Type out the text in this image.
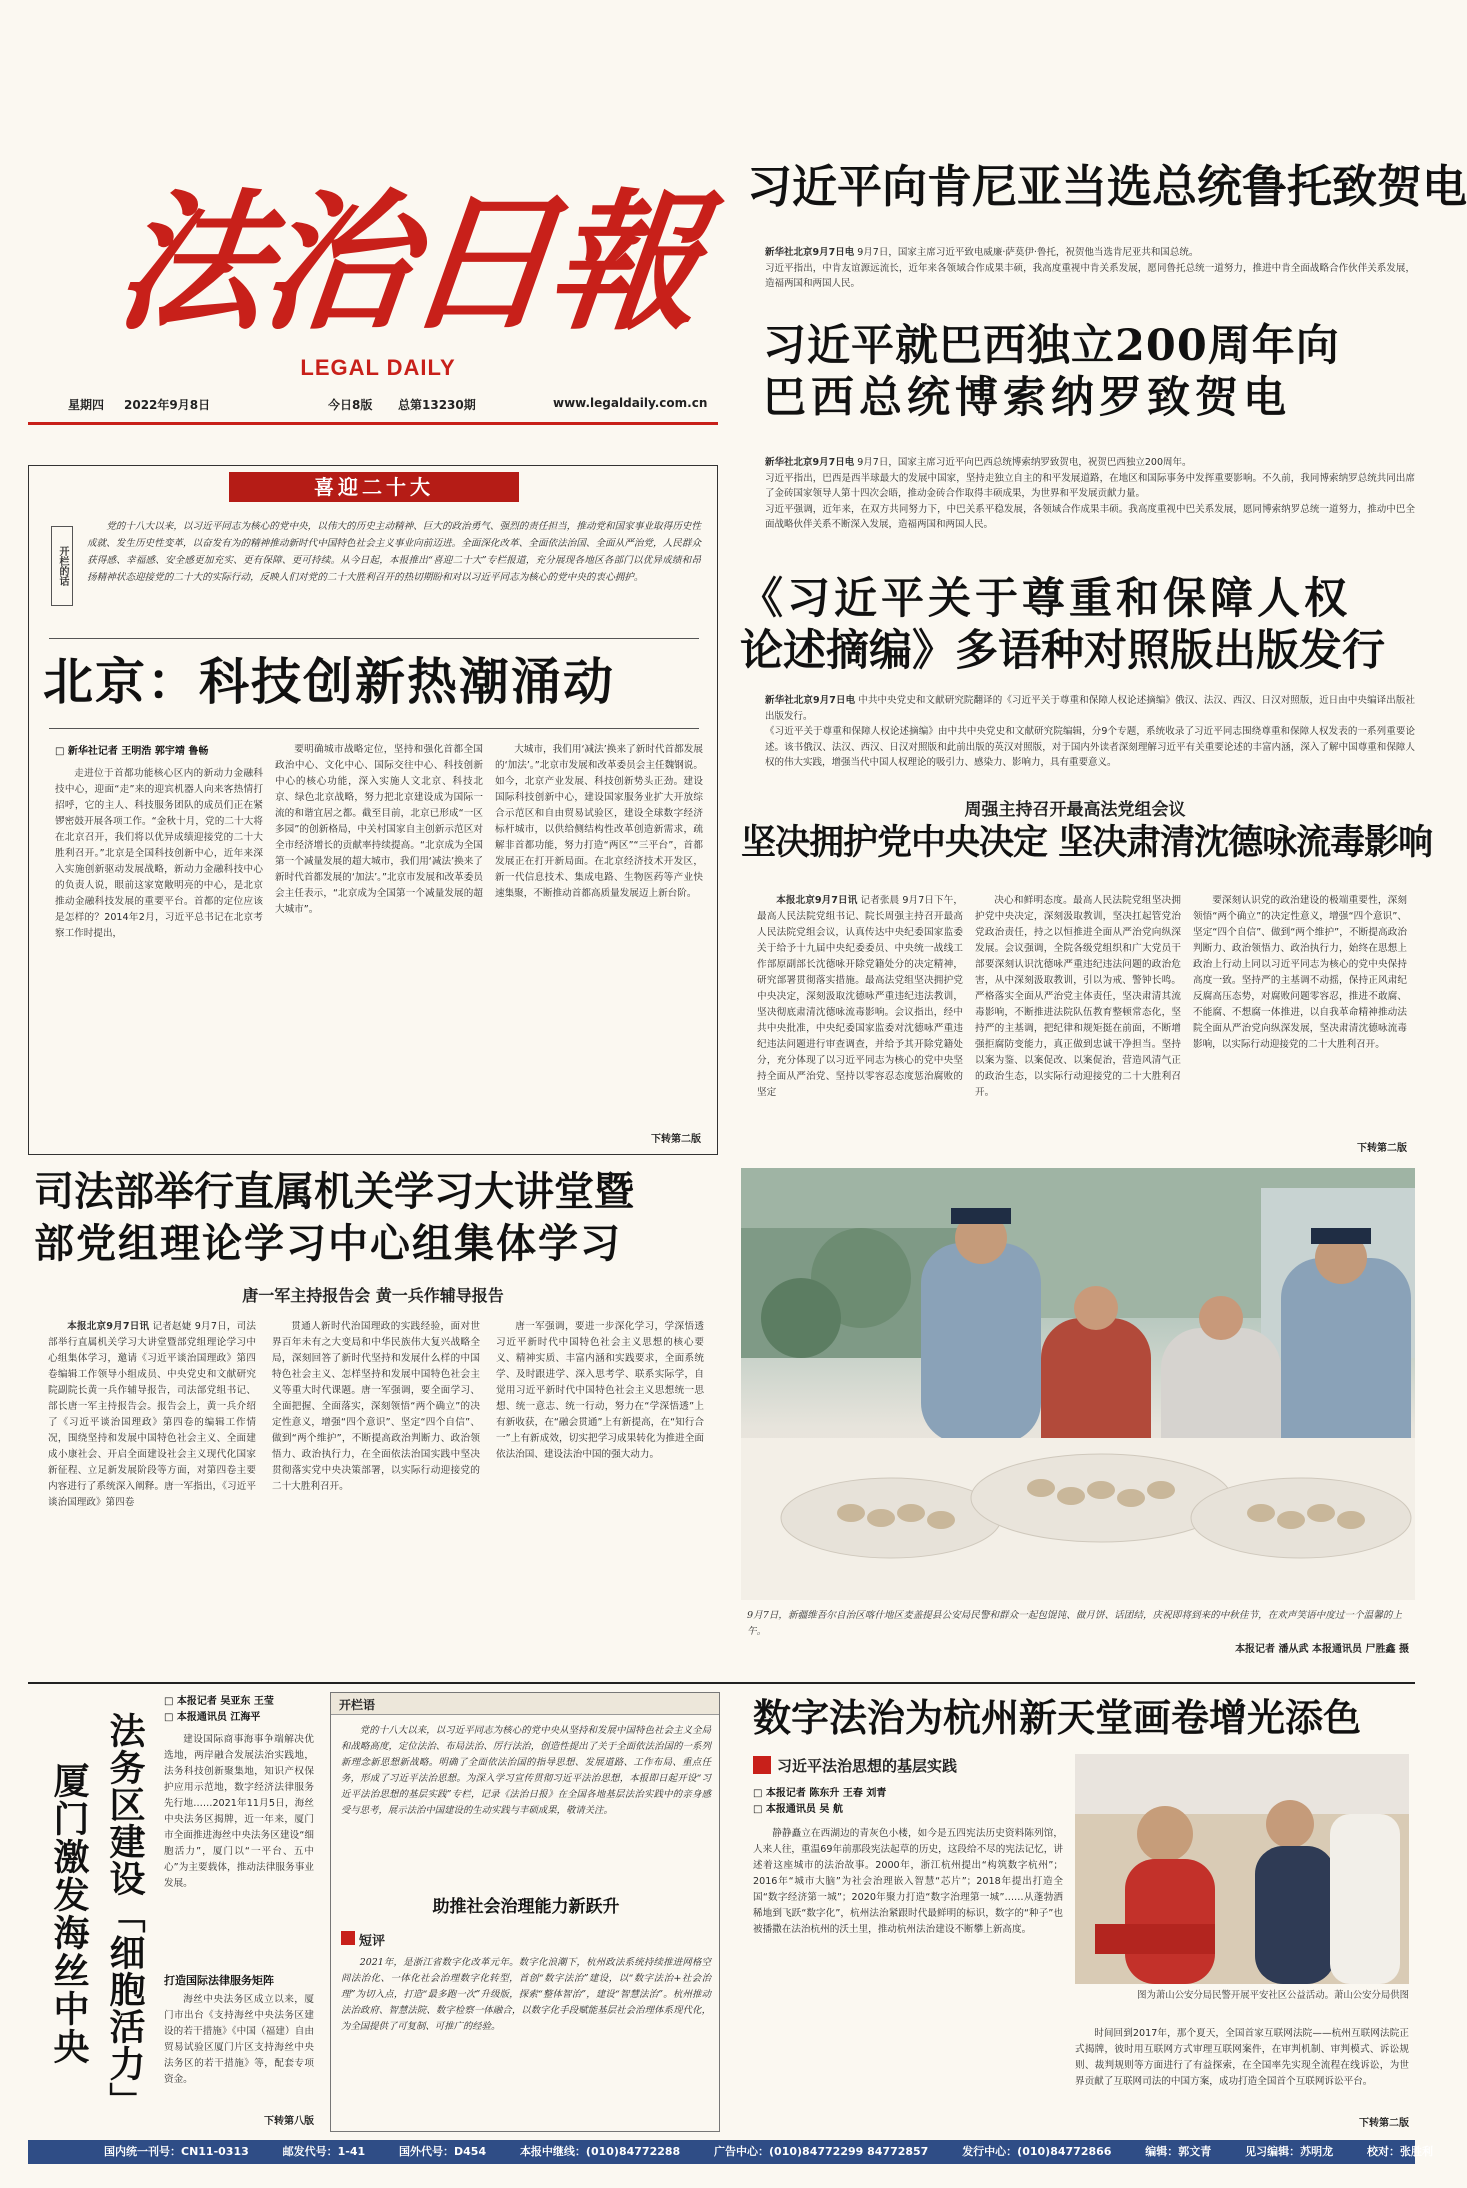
法治日報
LEGAL DAILY
星期四 2022年9月8日	今日8版 总第13230期	www.legaldaily.com.cn
习近平向肯尼亚当选总统鲁托致贺电
新华社北京9月7日电 9月7日，国家主席习近平致电威廉·萨莫伊·鲁托，祝贺他当选肯尼亚共和国总统。
习近平指出，中肯友谊源远流长，近年来各领域合作成果丰硕，我高度重视中肯关系发展，愿同鲁托总统一道努力，推进中肯全面战略合作伙伴关系发展，造福两国和两国人民。
习近平就巴西独立200周年向
巴西总统博索纳罗致贺电
新华社北京9月7日电 9月7日，国家主席习近平向巴西总统博索纳罗致贺电，祝贺巴西独立200周年。
习近平指出，巴西是西半球最大的发展中国家，坚持走独立自主的和平发展道路，在地区和国际事务中发挥重要影响。不久前，我同博索纳罗总统共同出席了金砖国家领导人第十四次会晤，推动金砖合作取得丰硕成果，为世界和平发展贡献力量。
习近平强调，近年来，在双方共同努力下，中巴关系平稳发展，各领域合作成果丰硕。我高度重视中巴关系发展，愿同博索纳罗总统一道努力，推动中巴全面战略伙伴关系不断深入发展，造福两国和两国人民。
《习近平关于尊重和保障人权
论述摘编》多语种对照版出版发行
新华社北京9月7日电 中共中央党史和文献研究院翻译的《习近平关于尊重和保障人权论述摘编》俄汉、法汉、西汉、日汉对照版，近日由中央编译出版社出版发行。
《习近平关于尊重和保障人权论述摘编》由中共中央党史和文献研究院编辑，分9个专题，系统收录了习近平同志围绕尊重和保障人权发表的一系列重要论述。该书俄汉、法汉、西汉、日汉对照版和此前出版的英汉对照版，对于国内外读者深刻理解习近平有关重要论述的丰富内涵，深入了解中国尊重和保障人权的伟大实践，增强当代中国人权理论的吸引力、感染力、影响力，具有重要意义。
周强主持召开最高法党组会议
坚决拥护党中央决定 坚决肃清沈德咏流毒影响

本报北京9月7日讯 记者张晨 9月7日下午，最高人民法院党组书记、院长周强主持召开最高人民法院党组会议，认真传达中央纪委国家监委关于给予十九届中央纪委委员、中央统一战线工作部原副部长沈德咏开除党籍处分的决定精神，研究部署贯彻落实措施。最高法党组坚决拥护党中央决定，深刻汲取沈德咏严重违纪违法教训，坚决彻底肃清沈德咏流毒影响。会议指出，经中共中央批准，中央纪委国家监委对沈德咏严重违纪违法问题进行审查调查，并给予其开除党籍处分，充分体现了以习近平同志为核心的党中央坚持全面从严治党、坚持以零容忍态度惩治腐败的坚定

决心和鲜明态度。最高人民法院党组坚决拥护党中央决定，深刻汲取教训，坚决扛起管党治党政治责任，持之以恒推进全面从严治党向纵深发展。会议强调，全院各级党组织和广大党员干部要深刻认识沈德咏严重违纪违法问题的政治危害，从中深刻汲取教训，引以为戒、警钟长鸣。严格落实全面从严治党主体责任，坚决肃清其流毒影响，不断推进法院队伍教育整顿常态化，坚持严的主基调，把纪律和规矩挺在前面，不断增强拒腐防变能力，真正做到忠诚干净担当。坚持以案为鉴、以案促改、以案促治，营造风清气正的政治生态，以实际行动迎接党的二十大胜利召开。

要深刻认识党的政治建设的极端重要性，深刻领悟“两个确立”的决定性意义，增强“四个意识”、坚定“四个自信”、做到“两个维护”，不断提高政治判断力、政治领悟力、政治执行力，始终在思想上政治上行动上同以习近平同志为核心的党中央保持高度一致。坚持严的主基调不动摇，保持正风肃纪反腐高压态势，对腐败问题零容忍，推进不敢腐、不能腐、不想腐一体推进，以自我革命精神推动法院全面从严治党向纵深发展，坚决肃清沈德咏流毒影响，以实际行动迎接党的二十大胜利召开。

下转第二版
喜迎二十大
开栏的话
党的十八大以来，以习近平同志为核心的党中央，以伟大的历史主动精神、巨大的政治勇气、强烈的责任担当，推动党和国家事业取得历史性成就、发生历史性变革，以奋发有为的精神推动新时代中国特色社会主义事业向前迈进。全面深化改革、全面依法治国、全面从严治党，人民群众获得感、幸福感、安全感更加充实、更有保障、更可持续。从今日起，本报推出“喜迎二十大”专栏报道，充分展现各地区各部门以优异成绩和昂扬精神状态迎接党的二十大的实际行动，反映人们对党的二十大胜利召开的热切期盼和对以习近平同志为核心的党中央的衷心拥护。
北京：科技创新热潮涌动
□ 新华社记者 王明浩 郭宇靖 鲁畅

走进位于首都功能核心区内的新动力金融科技中心，迎面“走”来的迎宾机器人向来客热情打招呼，它的主人、科技服务团队的成员们正在紧锣密鼓开展各项工作。“金秋十月，党的二十大将在北京召开，我们将以优异成绩迎接党的二十大胜利召开。”北京是全国科技创新中心，近年来深入实施创新驱动发展战略，新动力金融科技中心的负责人说，眼前这家宽敞明亮的中心，是北京推动金融科技发展的重要平台。首都的定位应该是怎样的？2014年2月，习近平总书记在北京考察工作时提出，

要明确城市战略定位，坚持和强化首都全国政治中心、文化中心、国际交往中心、科技创新中心的核心功能，深入实施人文北京、科技北京、绿色北京战略，努力把北京建设成为国际一流的和谐宜居之都。截至目前，北京已形成“一区多园”的创新格局，中关村国家自主创新示范区对全市经济增长的贡献率持续提高。“北京成为全国第一个减量发展的超大城市，我们用‘减法’换来了新时代首都发展的‘加法’。”北京市发展和改革委员会主任表示，“北京成为全国第一个减量发展的超大城市”。

大城市，我们用‘减法’换来了新时代首都发展的‘加法’。”北京市发展和改革委员会主任魏钢说。如今，北京产业发展、科技创新势头正劲。建设国际科技创新中心，建设国家服务业扩大开放综合示范区和自由贸易试验区，建设全球数字经济标杆城市，以供给侧结构性改革创造新需求，疏解非首都功能，努力打造“两区”“三平台”，首都发展正在打开新局面。在北京经济技术开发区，新一代信息技术、集成电路、生物医药等产业快速集聚，不断推动首都高质量发展迈上新台阶。

下转第二版
司法部举行直属机关学习大讲堂暨
部党组理论学习中心组集体学习
唐一军主持报告会 黄一兵作辅导报告

本报北京9月7日讯 记者赵婕 9月7日，司法部举行直属机关学习大讲堂暨部党组理论学习中心组集体学习，邀请《习近平谈治国理政》第四卷编辑工作领导小组成员、中央党史和文献研究院副院长黄一兵作辅导报告，司法部党组书记、部长唐一军主持报告会。报告会上，黄一兵介绍了《习近平谈治国理政》第四卷的编辑工作情况，围绕坚持和发展中国特色社会主义、全面建成小康社会、开启全面建设社会主义现代化国家新征程、立足新发展阶段等方面，对第四卷主要内容进行了系统深入阐释。唐一军指出，《习近平谈治国理政》第四卷

贯通人新时代治国理政的实践经验，面对世界百年未有之大变局和中华民族伟大复兴战略全局，深刻回答了新时代坚持和发展什么样的中国特色社会主义、怎样坚持和发展中国特色社会主义等重大时代课题。唐一军强调，要全面学习、全面把握、全面落实，深刻领悟“两个确立”的决定性意义，增强“四个意识”、坚定“四个自信”、做到“两个维护”，不断提高政治判断力、政治领悟力、政治执行力，在全面依法治国实践中坚决贯彻落实党中央决策部署，以实际行动迎接党的二十大胜利召开。

唐一军强调，要进一步深化学习，学深悟透习近平新时代中国特色社会主义思想的核心要义、精神实质、丰富内涵和实践要求，全面系统学、及时跟进学、深入思考学、联系实际学，自觉用习近平新时代中国特色社会主义思想统一思想、统一意志、统一行动，努力在“学深悟透”上有新收获，在“融会贯通”上有新提高，在“知行合一”上有新成效，切实把学习成果转化为推进全面依法治国、建设法治中国的强大动力。

9月7日，新疆维吾尔自治区喀什地区麦盖提县公安局民警和群众一起包馄饨、做月饼、话团结，庆祝即将到来的中秋佳节，在欢声笑语中度过一个温馨的上午。
本报记者 潘从武 本报通讯员 尸胜鑫 摄
厦门激发海丝中央 法务区建设「细胞活力」
□ 本报记者 吴亚东 王莹
□ 本报通讯员 江海平

建设国际商事海事争端解决优选地，两岸融合发展法治实践地，法务科技创新聚集地，知识产权保护应用示范地，数字经济法律服务先行地……2021年11月5日，海丝中央法务区揭牌，近一年来，厦门市全面推进海丝中央法务区建设“细胞活力”，厦门以“一平台、五中心”为主要载体，推动法律服务事业发展。

打造国际法律服务矩阵

海丝中央法务区成立以来，厦门市出台《支持海丝中央法务区建设的若干措施》《中国（福建）自由贸易试验区厦门片区支持海丝中央法务区的若干措施》等，配套专项资金。

下转第八版
开栏语
党的十八大以来，以习近平同志为核心的党中央从坚持和发展中国特色社会主义全局和战略高度，定位法治、布局法治、厉行法治，创造性提出了关于全面依法治国的一系列新理念新思想新战略。明确了全面依法治国的指导思想、发展道路、工作布局、重点任务，形成了习近平法治思想。为深入学习宣传贯彻习近平法治思想，本报即日起开设“习近平法治思想的基层实践”专栏，记录《法治日报》在全国各地基层法治实践中的亲身感受与思考，展示法治中国建设的生动实践与丰硕成果，敬请关注。
助推社会治理能力新跃升
短评
2021年，是浙江省数字化改革元年。数字化浪潮下，杭州政法系统持续推进网格空间法治化、一体化社会治理数字化转型，首创“数字法治”建设，以“数字法治+社会治理”为切入点，打造“最多跑一次”升级版，探索“整体智治”，建设“智慧法治”。杭州推动法治政府、智慧法院、数字检察一体融合，以数字化手段赋能基层社会治理体系现代化，为全国提供了可复制、可推广的经验。
数字法治为杭州新天堂画卷增光添色
习近平法治思想的基层实践
□ 本报记者 陈东升 王春 刘青
□ 本报通讯员 吴 航

静静矗立在西湖边的青灰色小楼，如今是五四宪法历史资料陈列馆，人来人往，重温69年前那段宪法起草的历史，这段给不尽的宪法记忆，讲述着这座城市的法治故事。2000年，浙江杭州提出“构筑数字杭州”；2016年“城市大脑”为社会治理嵌入智慧“芯片”；2018年提出打造全国“数字经济第一城”；2020年聚力打造“数字治理第一城”……从蓬勃洒稀地到飞跃“数字化”，杭州法治紧跟时代最鲜明的标识，数字的“种子”也被播撒在法治杭州的沃土里，推动杭州法治建设不断攀上新高度。

图为萧山公安分局民警开展平安社区公益活动。萧山公安分局供图

时间回到2017年，那个夏天，全国首家互联网法院——杭州互联网法院正式揭牌，彼时用互联网方式审理互联网案件，在审判机制、审判模式、诉讼规则、裁判规则等方面进行了有益探索，在全国率先实现全流程在线诉讼，为世界贡献了互联网司法的中国方案，成功打造全国首个互联网诉讼平台。

下转第二版
国内统一刊号：CN11-0313	邮发代号：1-41	国外代号：D454	本报中继线：(010)84772288	广告中心：(010)84772299 84772857	发行中心：(010)84772866	编辑：郭文青	见习编辑：苏明龙	校对：张胜利
